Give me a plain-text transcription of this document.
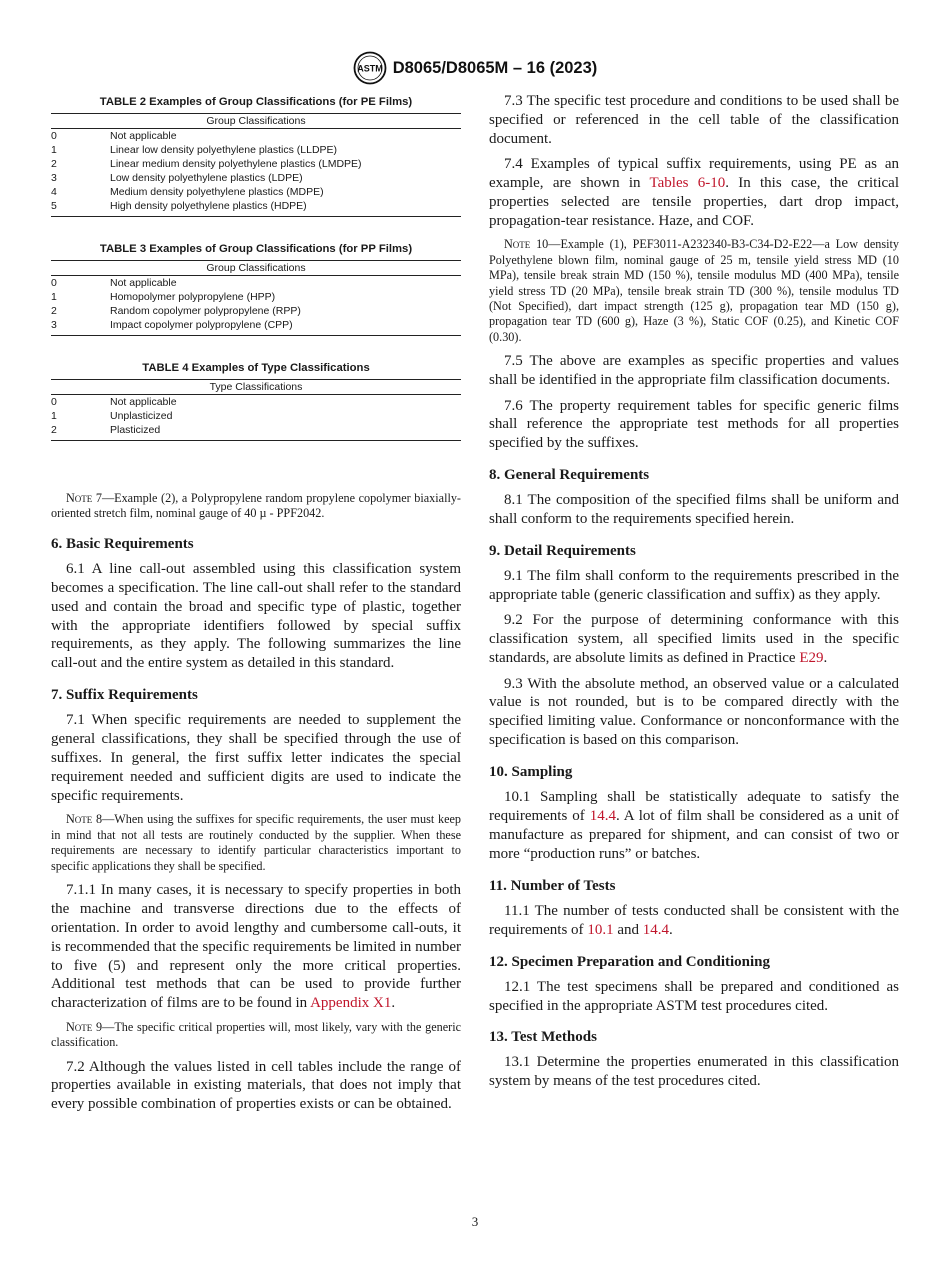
ASTM D8065/D8065M – 16 (2023)
TABLE 2 Examples of Group Classifications (for PE Films)
Group Classifications
0	Not applicable
1	Linear low density polyethylene plastics (LLDPE)
2	Linear medium density polyethylene plastics (LMDPE)
3	Low density polyethylene plastics (LDPE)
4	Medium density polyethylene plastics (MDPE)
5	High density polyethylene plastics (HDPE)
TABLE 3 Examples of Group Classifications (for PP Films)
Group Classifications
0	Not applicable
1	Homopolymer polypropylene (HPP)
2	Random copolymer polypropylene (RPP)
3	Impact copolymer polypropylene (CPP)
TABLE 4 Examples of Type Classifications
Type Classifications
0	Not applicable
1	Unplasticized
2	Plasticized

Note 7—Example (2), a Polypropylene random propylene copolymer biaxially-oriented stretch film, nominal gauge of 40 µ - PPF2042.

6. Basic Requirements

6.1 A line call-out assembled using this classification system becomes a specification. The line call-out shall refer to the standard used and contain the broad and specific type of plastic, together with the appropriate identifiers followed by special suffix requirements, as they apply. The following summarizes the line call-out and the entire system as detailed in this standard.

7. Suffix Requirements

7.1 When specific requirements are needed to supplement the general classifications, they shall be specified through the use of suffixes. In general, the first suffix letter indicates the special requirement needed and sufficient digits are used to indicate the specific requirements.

Note 8—When using the suffixes for specific requirements, the user must keep in mind that not all tests are routinely conducted by the supplier. When these requirements are necessary to identify particular characteristics important to specific applications they shall be specified.

7.1.1 In many cases, it is necessary to specify properties in both the machine and transverse directions due to the effects of orientation. In order to avoid lengthy and cumbersome call-outs, it is recommended that the specific requirements be limited in number to five (5) and represent only the more critical properties. Additional test methods that can be used to provide further characterization of films are to be found in Appendix X1.

Note 9—The specific critical properties will, most likely, vary with the generic classification.

7.2 Although the values listed in cell tables include the range of properties available in existing materials, that does not imply that every possible combination of properties exists or can be obtained.

7.3 The specific test procedure and conditions to be used shall be specified or referenced in the cell table of the classification document.

7.4 Examples of typical suffix requirements, using PE as an example, are shown in Tables 6-10. In this case, the critical properties selected are tensile properties, dart drop impact, propagation-tear resistance. Haze, and COF.

Note 10—Example (1), PEF3011-A232340-B3-C34-D2-E22—a Low density Polyethylene blown film, nominal gauge of 25 m, tensile yield stress MD (10 MPa), tensile break strain MD (150 %), tensile modulus MD (400 MPa), tensile yield stress TD (20 MPa), tensile break strain TD (300 %), tensile modulus TD (Not Specified), dart impact strength (125 g), propagation tear MD (150 g), propagation tear TD (600 g), Haze (3 %), Static COF (0.25), and Kinetic COF (0.30).

7.5 The above are examples as specific properties and values shall be identified in the appropriate film classification documents.

7.6 The property requirement tables for specific generic films shall reference the appropriate test methods for all properties specified by the suffixes.

8. General Requirements

8.1 The composition of the specified films shall be uniform and shall conform to the requirements specified herein.

9. Detail Requirements

9.1 The film shall conform to the requirements prescribed in the appropriate table (generic classification and suffix) as they apply.

9.2 For the purpose of determining conformance with this classification system, all specified limits used in the specific standards, are absolute limits as defined in Practice E29.

9.3 With the absolute method, an observed value or a calculated value is not rounded, but is to be compared directly with the specified limiting value. Conformance or nonconformance with the specification is based on this comparison.

10. Sampling

10.1 Sampling shall be statistically adequate to satisfy the requirements of 14.4. A lot of film shall be considered as a unit of manufacture as prepared for shipment, and can consist of two or more “production runs” or batches.

11. Number of Tests

11.1 The number of tests conducted shall be consistent with the requirements of 10.1 and 14.4.

12. Specimen Preparation and Conditioning

12.1 The test specimens shall be prepared and conditioned as specified in the appropriate ASTM test procedures cited.

13. Test Methods

13.1 Determine the properties enumerated in this classification system by means of the test procedures cited.

3
